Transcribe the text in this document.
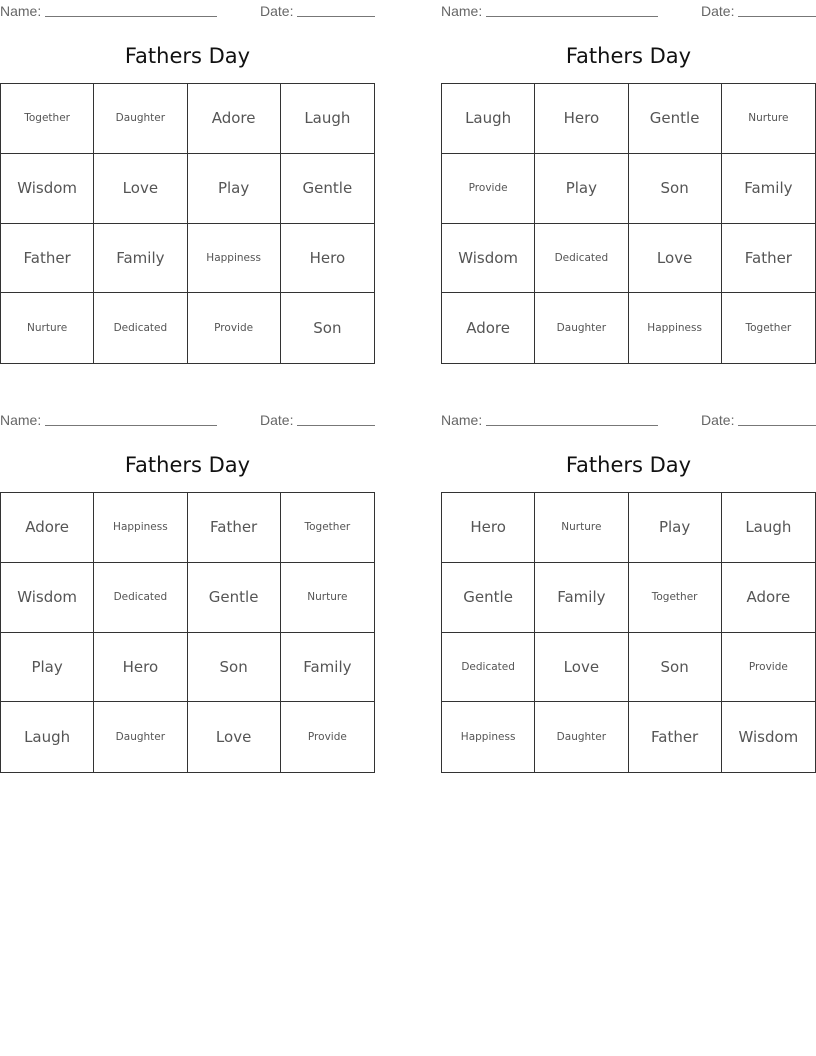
Name:	Date:
Fathers Day
Together	Daughter	Adore	Laugh
Wisdom	Love	Play	Gentle
Father	Family	Happiness	Hero
Nurture	Dedicated	Provide	Son
Name:	Date:
Fathers Day
Laugh	Hero	Gentle	Nurture
Provide	Play	Son	Family
Wisdom	Dedicated	Love	Father
Adore	Daughter	Happiness	Together
Name:	Date:
Fathers Day
Adore	Happiness	Father	Together
Wisdom	Dedicated	Gentle	Nurture
Play	Hero	Son	Family
Laugh	Daughter	Love	Provide
Name:	Date:
Fathers Day
Hero	Nurture	Play	Laugh
Gentle	Family	Together	Adore
Dedicated	Love	Son	Provide
Happiness	Daughter	Father	Wisdom
